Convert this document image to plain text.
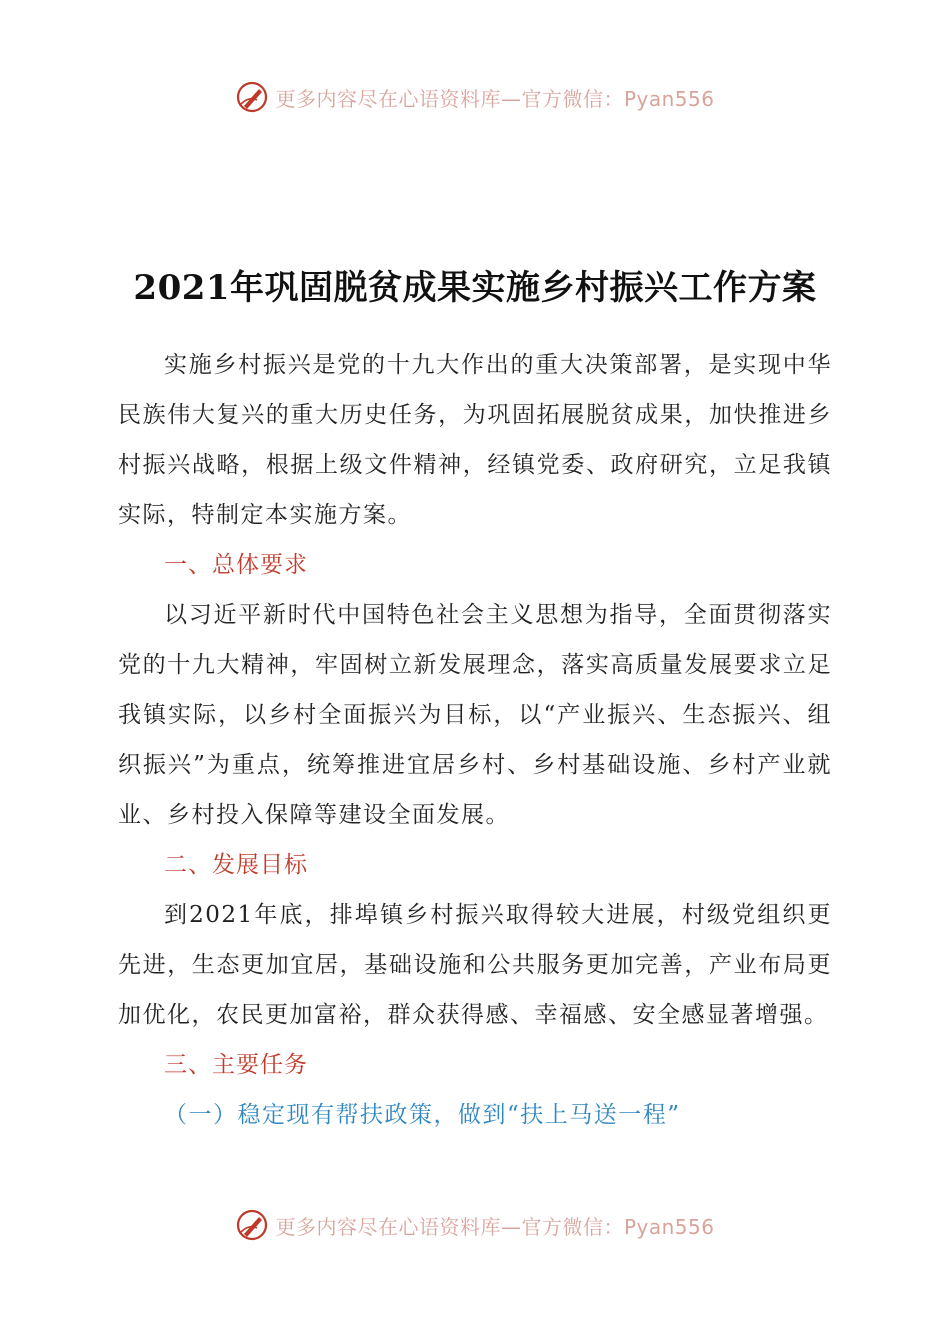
更多内容尽在心语资料库—官方微信：Pyan556
2021年巩固脱贫成果实施乡村振兴工作方案

实施乡村振兴是党的十九大作出的重大决策部署，是实现中华民族伟大复兴的重大历史任务，为巩固拓展脱贫成果，加快推进乡村振兴战略，根据上级文件精神，经镇党委、政府研究，立足我镇实际，特制定本实施方案。

一、总体要求

以习近平新时代中国特色社会主义思想为指导，全面贯彻落实党的十九大精神，牢固树立新发展理念，落实高质量发展要求立足我镇实际，以乡村全面振兴为目标，以“产业振兴、生态振兴、组织振兴”为重点，统筹推进宜居乡村、乡村基础设施、乡村产业就业、乡村投入保障等建设全面发展。

二、发展目标

到2021年底，排埠镇乡村振兴取得较大进展，村级党组织更先进，生态更加宜居，基础设施和公共服务更加完善，产业布局更加优化，农民更加富裕，群众获得感、幸福感、安全感显著增强。

三、主要任务

（一）稳定现有帮扶政策，做到“扶上马送一程”

更多内容尽在心语资料库—官方微信：Pyan556
